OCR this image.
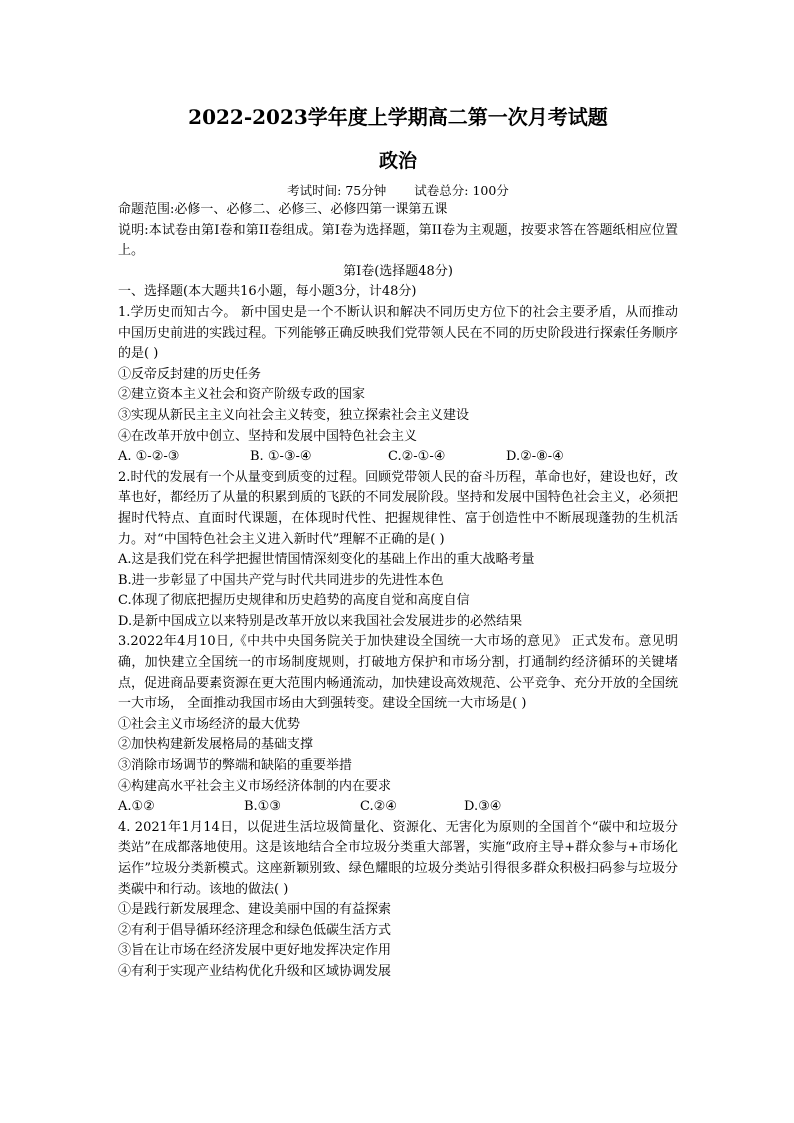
2022-2023学年度上学期高二第一次月考试题
政治
考试时间: 75分钟 试卷总分: 100分
命题范围:必修一、必修二、必修三、必修四第一课第五课
说明:本试卷由第Ⅰ卷和第II卷组成。第Ⅰ卷为选择题，第II卷为主观题，按要求答在答题纸相应位置上。
第Ⅰ卷(选择题48分)
一、选择题(本大题共16小题，每小题3分，计48分)
1.学历史而知古今。 新中国史是一个不断认识和解决不同历史方位下的社会主要矛盾，从而推动中国历史前进的实践过程。下列能够正确反映我们党带领人民在不同的历史阶段进行探索任务顺序的是( )
①反帝反封建的历史任务
②建立资本主义社会和资产阶级专政的国家
③实现从新民主主义向社会主义转变，独立探索社会主义建设
④在改革开放中创立、坚持和发展中国特色社会主义
A. ①-②-③	B. ①-③-④	C.②-①-④	D.②-⑧-④
2.时代的发展有一个从量变到质变的过程。回顾党带领人民的奋斗历程，革命也好，建设也好，改革也好，都经历了从量的积累到质的飞跃的不同发展阶段。坚持和发展中国特色社会主义，必须把握时代特点、直面时代课题，在体现时代性、把握规律性、富于创造性中不断展现蓬勃的生机活力。对“中国特色社会主义进入新时代”理解不正确的是( )
A.这是我们党在科学把握世情国情深刻变化的基础上作出的重大战略考量
B.进一步彰显了中国共产党与时代共同进步的先进性本色
C.体现了彻底把握历史规律和历史趋势的高度自觉和高度自信
D.是新中国成立以来特别是改革开放以来我国社会发展进步的必然结果
3.2022年4月10日,《中共中央国务院关于加快建设全国统一大市场的意见》 正式发布。意见明确，加快建立全国统一的市场制度规则，打破地方保护和市场分割，打通制约经济循环的关键堵点，促进商品要素资源在更大范围内畅通流动，加快建设高效规范、公平竞争、充分开放的全国统一大市场， 全面推动我国市场由大到强转变。建设全国统一大市场是( )
①社会主义市场经济的最大优势
②加快构建新发展格局的基础支撑
③消除市场调节的弊端和缺陷的重要举措
④构建高水平社会主义市场经济体制的内在要求
A.①②	B.①③	C.②④	D.③④
4. 2021年1月14日，以促进生活垃圾简量化、资源化、无害化为原则的全国首个“碳中和垃圾分类站”在成都落地使用。这是该地结合全市垃圾分类重大部署，实施“政府主导+群众参与+市场化运作”垃圾分类新模式。这座新颖别致、绿色耀眼的垃圾分类站引得很多群众积极扫码参与垃圾分类碳中和行动。该地的做法( )
①是践行新发展理念、建设美丽中国的有益探索
②有利于倡导循环经济理念和绿色低碳生活方式
③旨在让市场在经济发展中更好地发挥决定作用
④有利于实现产业结构优化升级和区域协调发展
